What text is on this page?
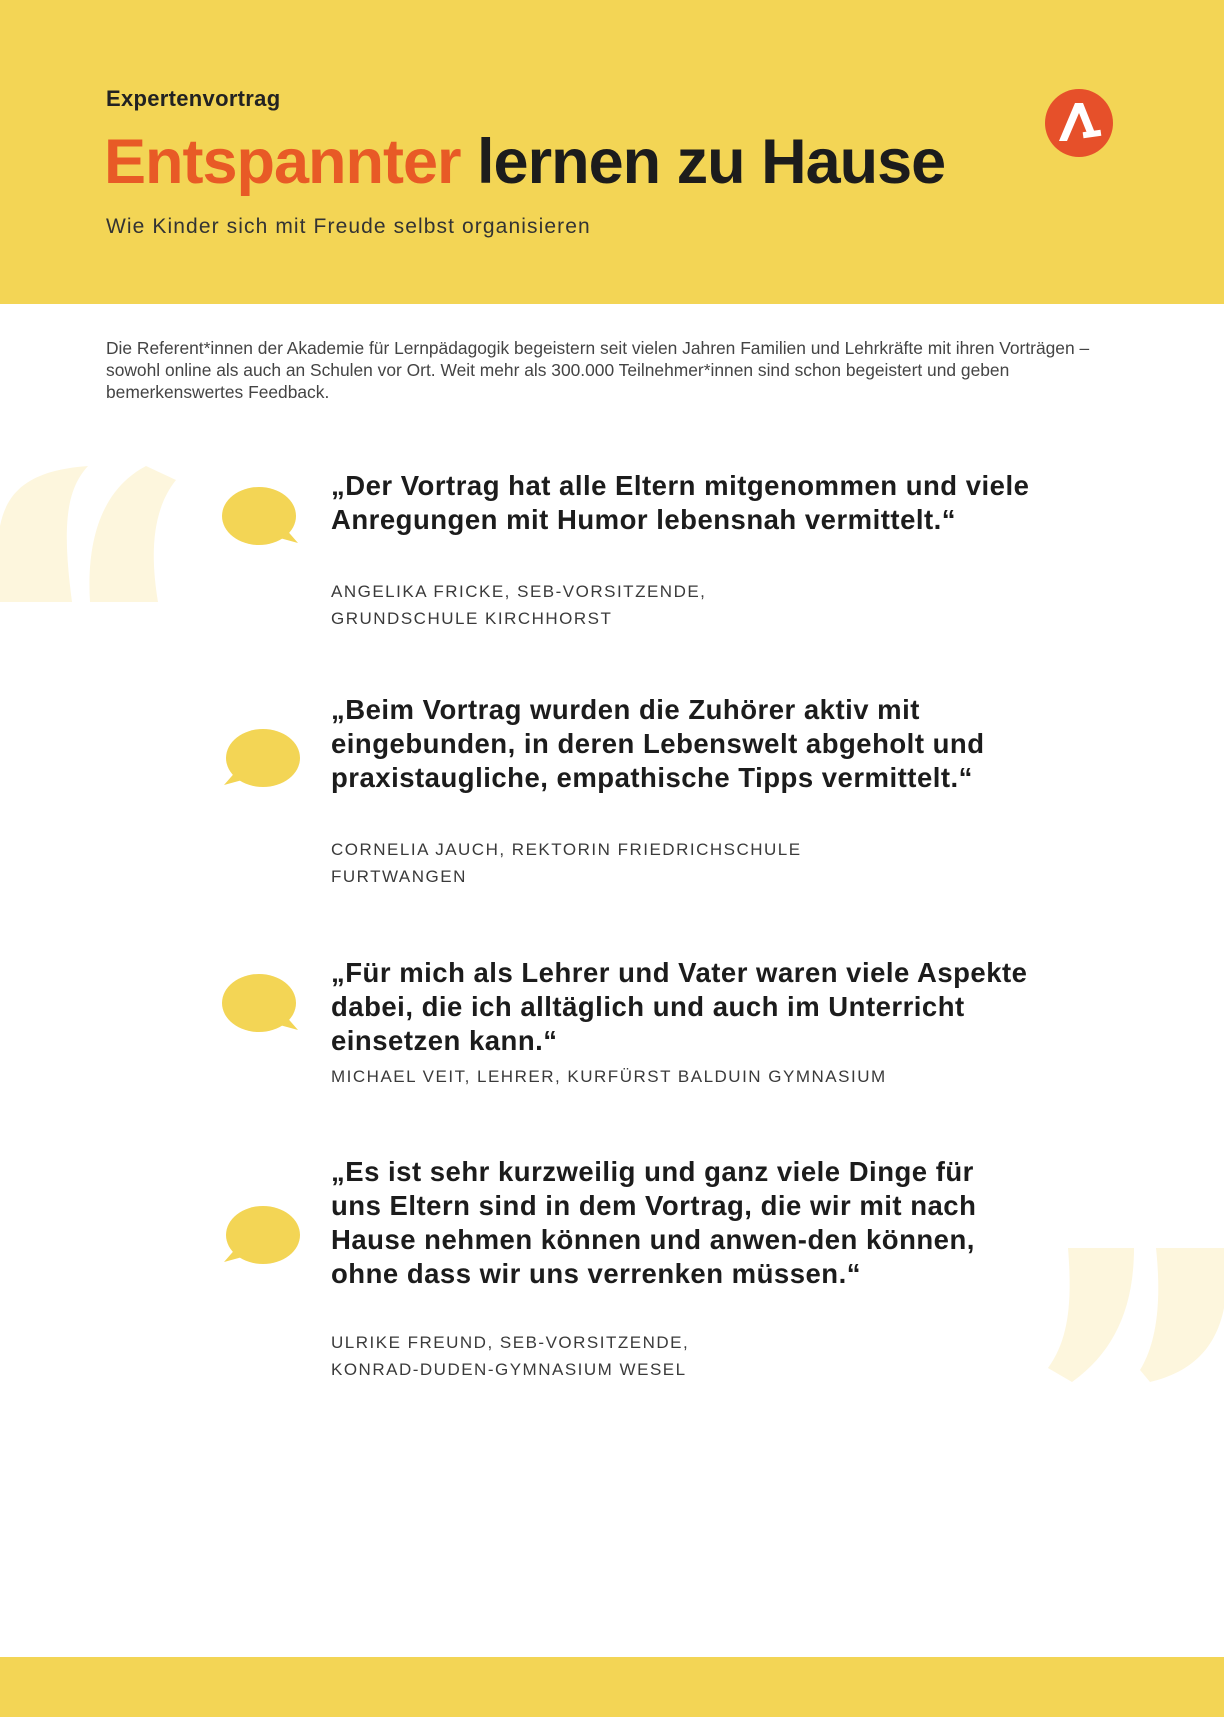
Expertenvortrag
Entspannter lernen zu Hause
Wie Kinder sich mit Freude selbst organisieren
Die Referent*innen der Akademie für Lernpädagogik begeistern seit vielen Jahren Familien und Lehrkräfte mit ihren Vorträgen – sowohl online als auch an Schulen vor Ort. Weit mehr als 300.000 Teilnehmer*innen sind schon begeistert und geben bemerkenswertes Feedback.
„Der Vortrag hat alle Eltern mitgenommen und viele Anregungen mit Humor lebensnah vermittelt.“
ANGELIKA FRICKE, SEB-VORSITZENDE,
GRUNDSCHULE KIRCHHORST
„Beim Vortrag wurden die Zuhörer aktiv mit eingebunden, in deren Lebenswelt abgeholt und praxistaugliche, empathische Tipps vermittelt.“
CORNELIA JAUCH, REKTORIN FRIEDRICHSCHULE
FURTWANGEN
„Für mich als Lehrer und Vater waren viele Aspekte dabei, die ich alltäglich und auch im Unterricht einsetzen kann.“
MICHAEL VEIT, LEHRER, KURFÜRST BALDUIN GYMNASIUM
„Es ist sehr kurzweilig und ganz viele Dinge für uns Eltern sind in dem Vortrag, die wir mit nach Hause nehmen können und anwen-den können, ohne dass wir uns verrenken müssen.“
ULRIKE FREUND, SEB-VORSITZENDE,
KONRAD-DUDEN-GYMNASIUM WESEL
